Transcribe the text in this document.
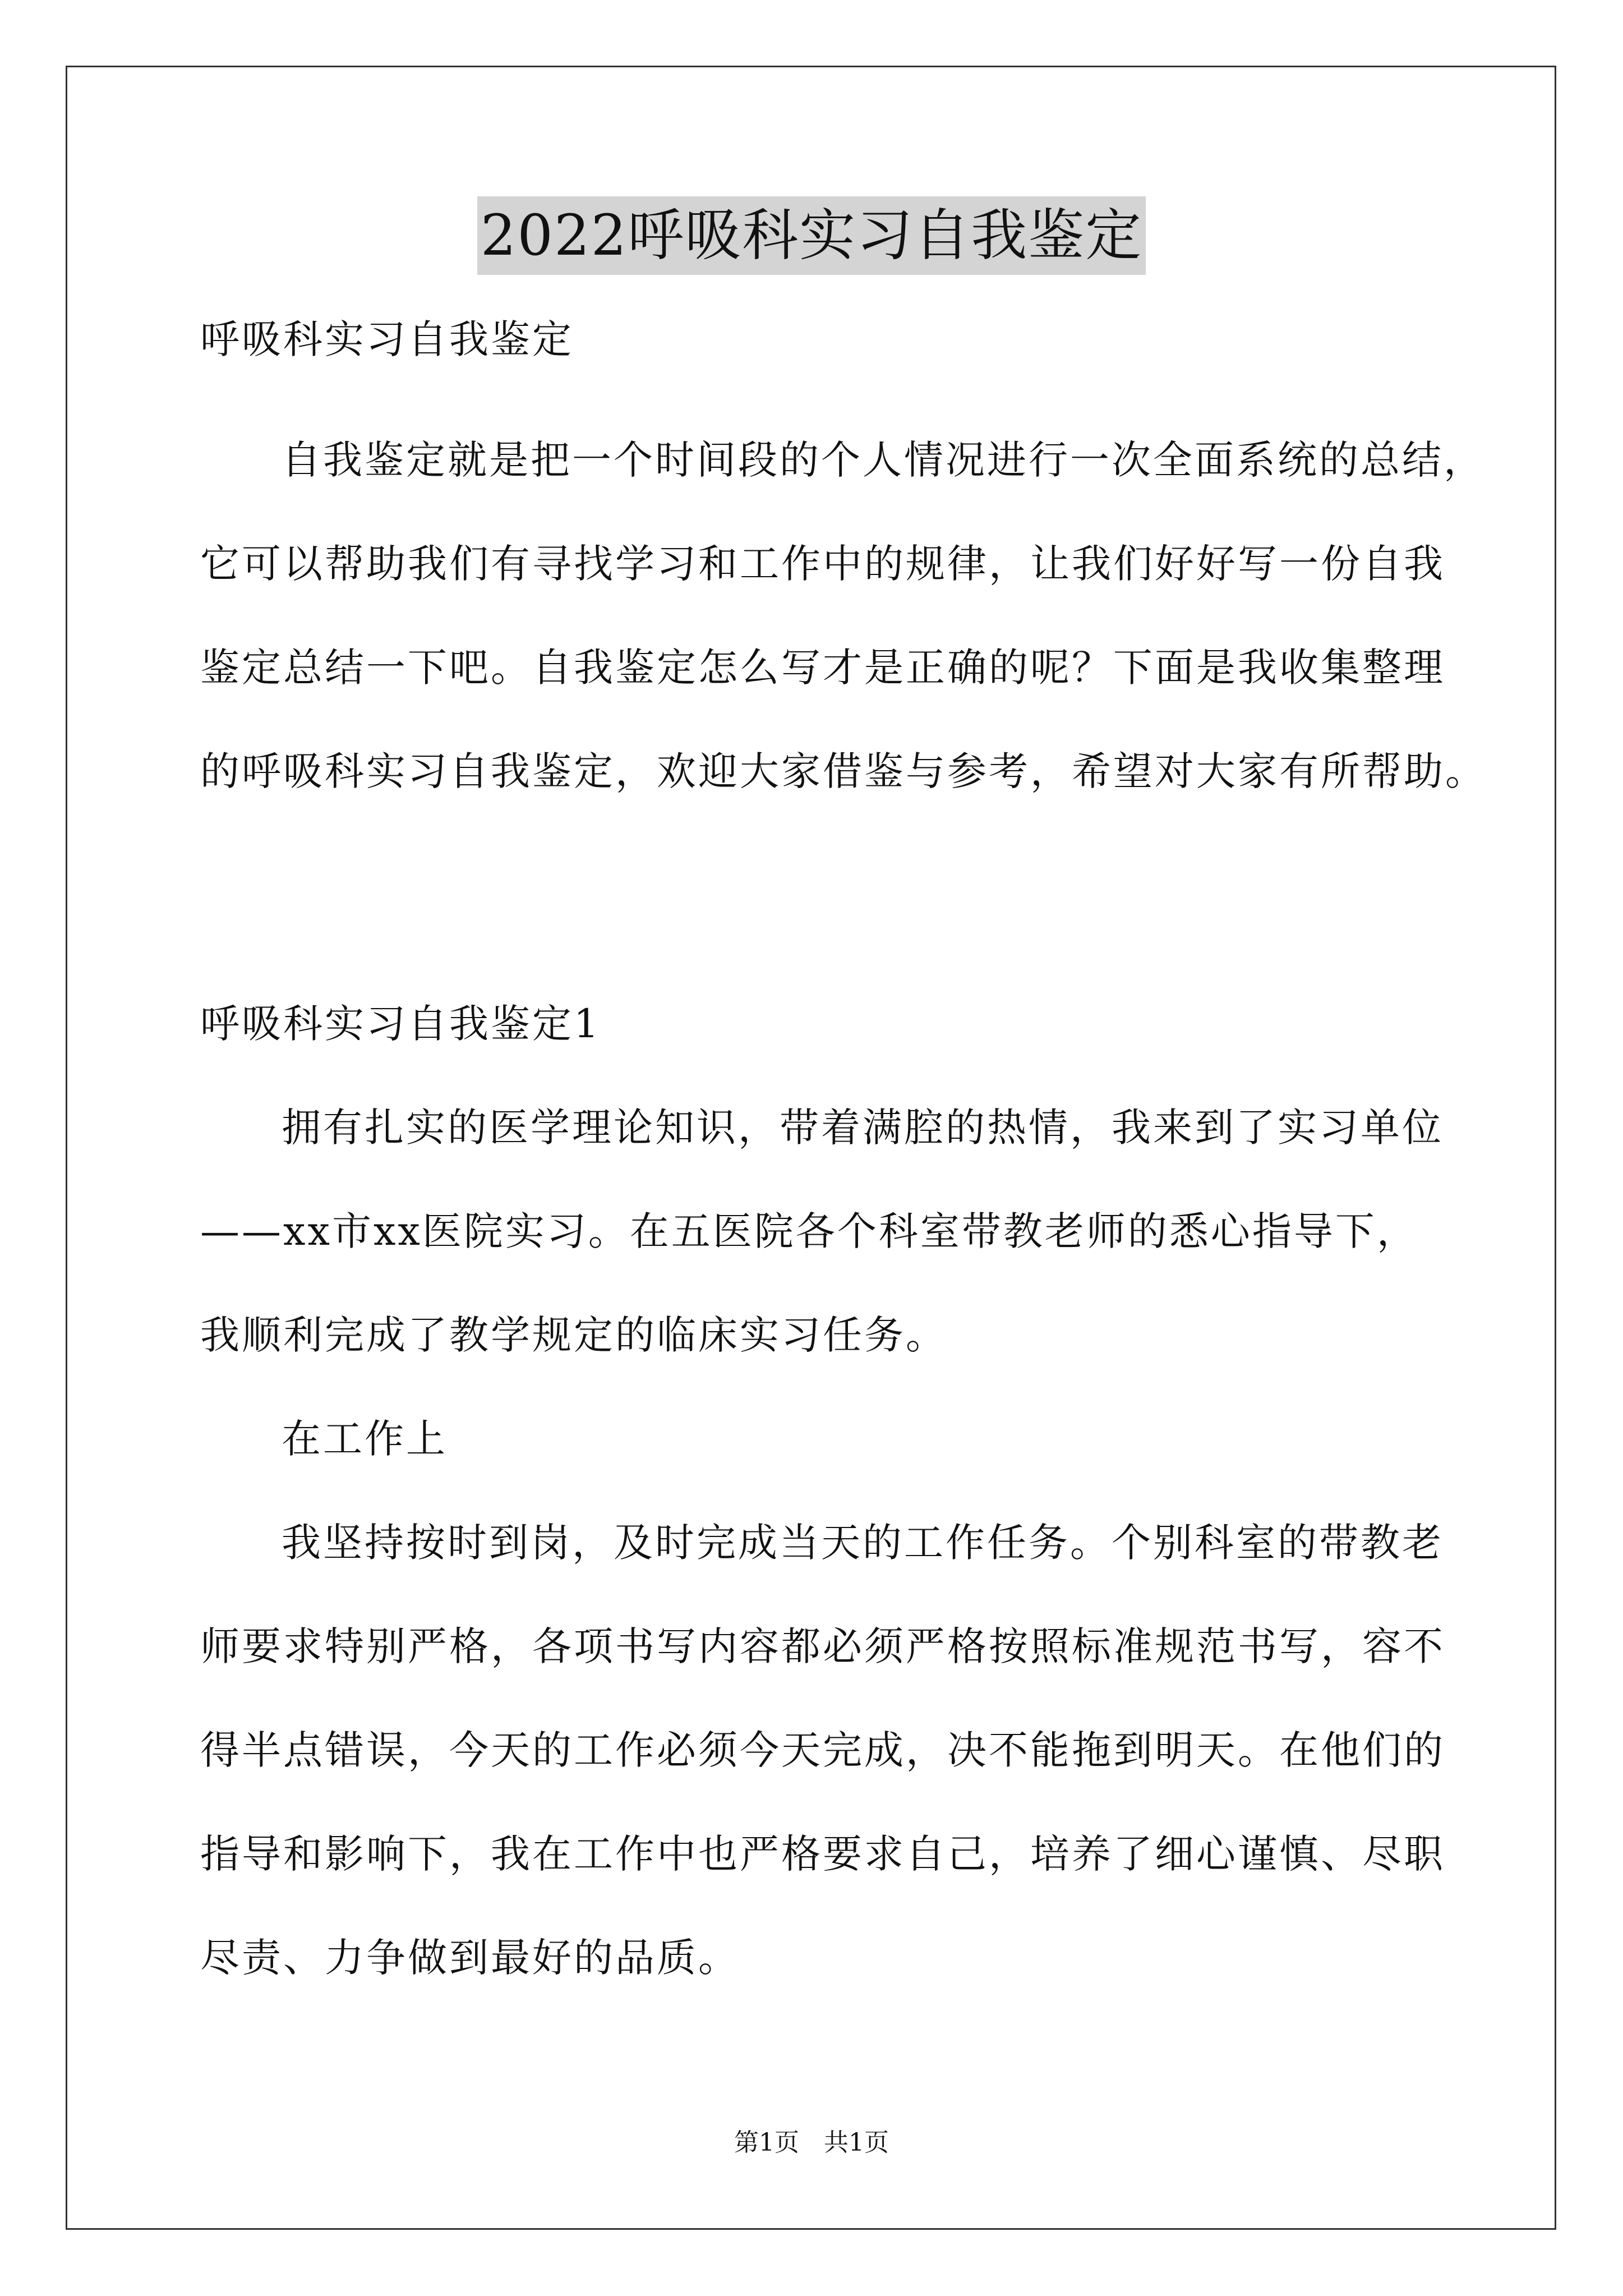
2022呼吸科实习自我鉴定
呼吸科实习自我鉴定
自我鉴定就是把一个时间段的个人情况进行一次全面系统的总结，
它可以帮助我们有寻找学习和工作中的规律，让我们好好写一份自我
鉴定总结一下吧。自我鉴定怎么写才是正确的呢？下面是我收集整理
的呼吸科实习自我鉴定，欢迎大家借鉴与参考，希望对大家有所帮助。
呼吸科实习自我鉴定1
拥有扎实的医学理论知识，带着满腔的热情，我来到了实习单位
——xx市xx医院实习。在五医院各个科室带教老师的悉心指导下，
我顺利完成了教学规定的临床实习任务。
在工作上
我坚持按时到岗，及时完成当天的工作任务。个别科室的带教老
师要求特别严格，各项书写内容都必须严格按照标准规范书写，容不
得半点错误，今天的工作必须今天完成，决不能拖到明天。在他们的
指导和影响下，我在工作中也严格要求自己，培养了细心谨慎、尽职
尽责、力争做到最好的品质。
第1页　共1页
